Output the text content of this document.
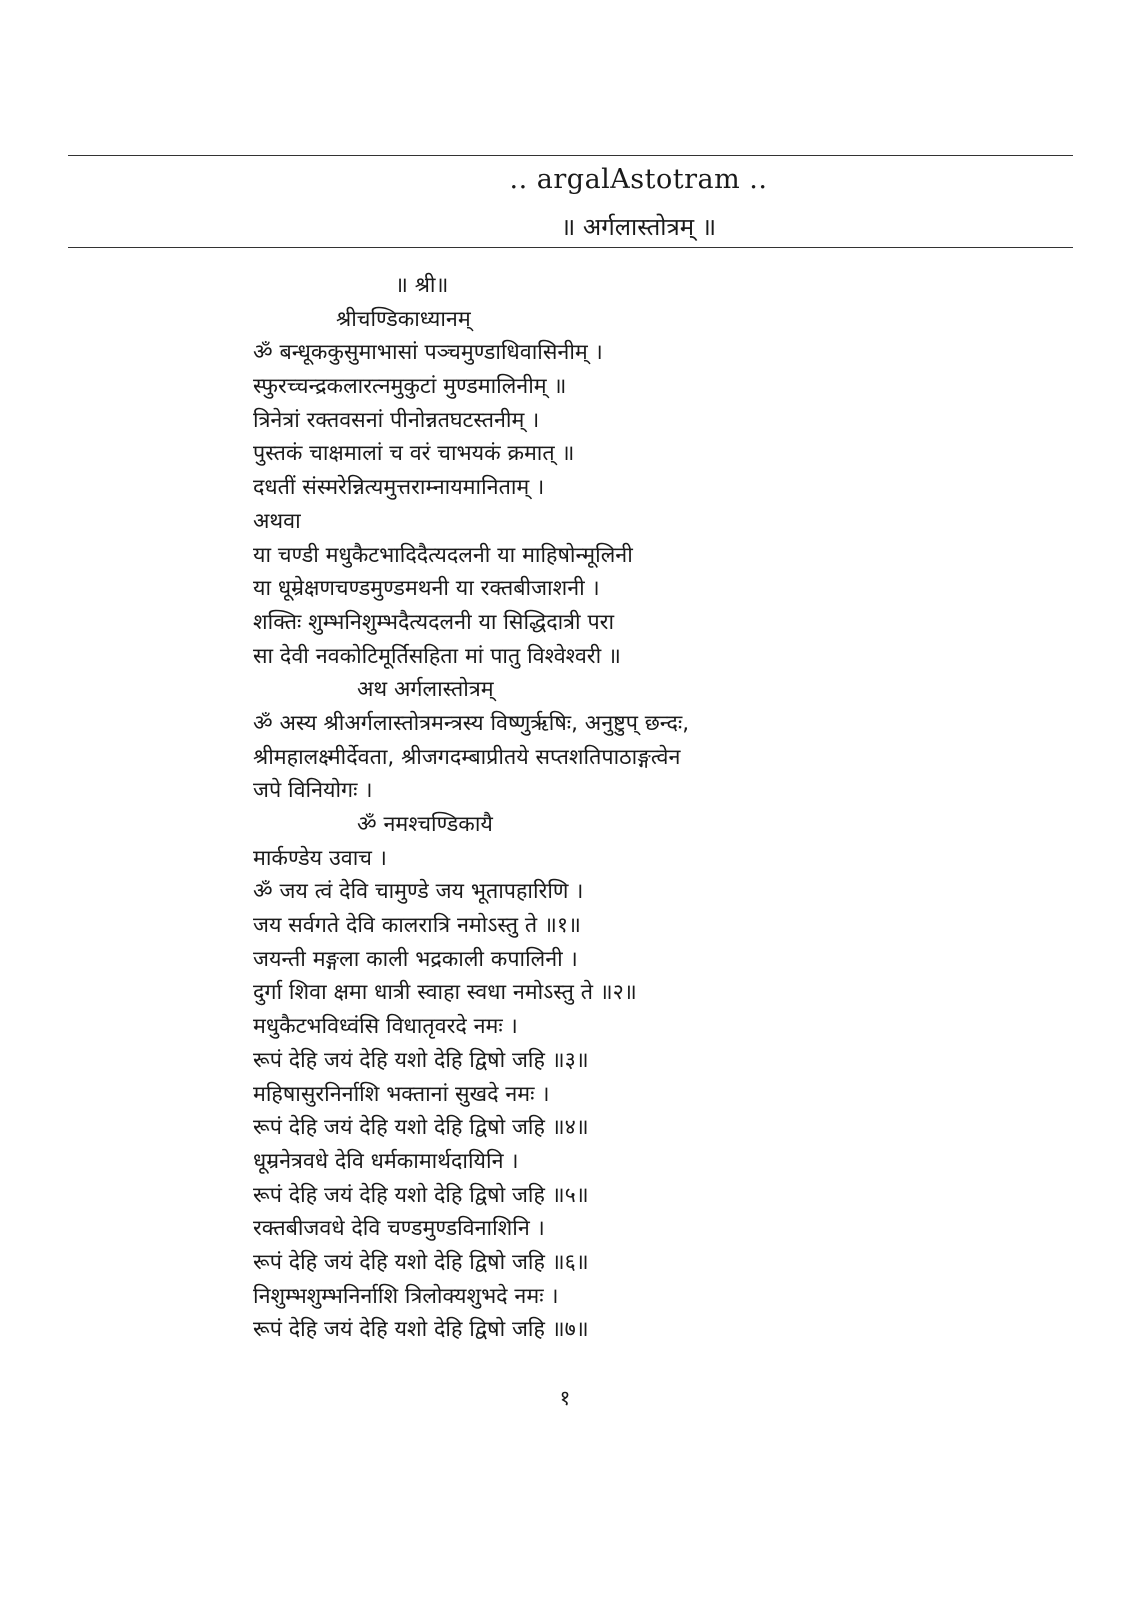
.. argalAstotram ..
॥ अर्गलास्तोत्रम् ॥
॥ श्री॥
श्रीचण्डिकाध्यानम्
ॐ बन्धूककुसुमाभासां पञ्चमुण्डाधिवासिनीम् ।
स्फुरच्चन्द्रकलारत्नमुकुटां मुण्डमालिनीम् ॥
त्रिनेत्रां रक्तवसनां पीनोन्नतघटस्तनीम् ।
पुस्तकं चाक्षमालां च वरं चाभयकं क्रमात् ॥
दधतीं संस्मरेन्नित्यमुत्तराम्नायमानिताम् ।
अथवा
या चण्डी मधुकैटभादिदैत्यदलनी या माहिषोन्मूलिनी
या धूम्रेक्षणचण्डमुण्डमथनी या रक्तबीजाशनी ।
शक्तिः शुम्भनिशुम्भदैत्यदलनी या सिद्धिदात्री परा
सा देवी नवकोटिमूर्तिसहिता मां पातु विश्वेश्वरी ॥
अथ अर्गलास्तोत्रम्
ॐ अस्य श्रीअर्गलास्तोत्रमन्त्रस्य विष्णुर्ऋषिः, अनुष्टुप् छन्दः,
श्रीमहालक्ष्मीर्देवता, श्रीजगदम्बाप्रीतये सप्तशतिपाठाङ्गत्वेन
जपे विनियोगः ।
ॐ नमश्चण्डिकायै
मार्कण्डेय उवाच ।
ॐ जय त्वं देवि चामुण्डे जय भूतापहारिणि ।
जय सर्वगते देवि कालरात्रि नमोऽस्तु ते ॥१॥
जयन्ती मङ्गला काली भद्रकाली कपालिनी ।
दुर्गा शिवा क्षमा धात्री स्वाहा स्वधा नमोऽस्तु ते ॥२॥
मधुकैटभविध्वंसि विधातृवरदे नमः ।
रूपं देहि जयं देहि यशो देहि द्विषो जहि ॥३॥
महिषासुरनिर्नाशि भक्तानां सुखदे नमः ।
रूपं देहि जयं देहि यशो देहि द्विषो जहि ॥४॥
धूम्रनेत्रवधे देवि धर्मकामार्थदायिनि ।
रूपं देहि जयं देहि यशो देहि द्विषो जहि ॥५॥
रक्तबीजवधे देवि चण्डमुण्डविनाशिनि ।
रूपं देहि जयं देहि यशो देहि द्विषो जहि ॥६॥
निशुम्भशुम्भनिर्नाशि त्रिलोक्यशुभदे नमः ।
रूपं देहि जयं देहि यशो देहि द्विषो जहि ॥७॥
१
